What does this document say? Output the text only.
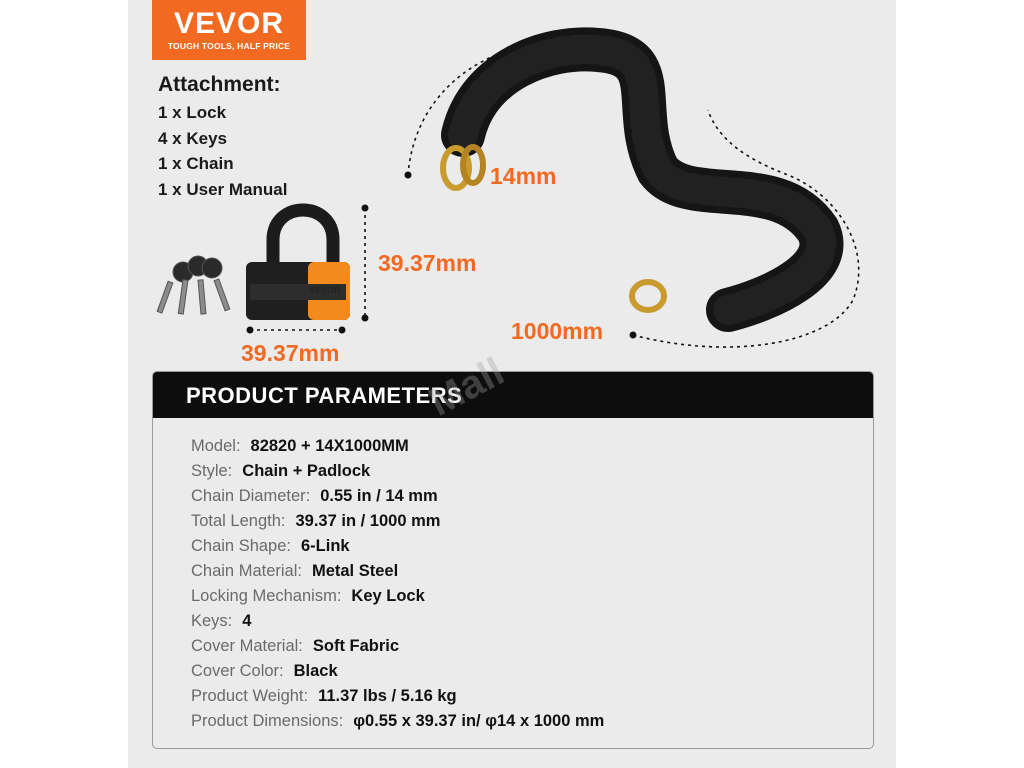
VEVOR
TOUGH TOOLS, HALF PRICE
Attachment:
1 x Lock
4 x Keys
1 x Chain
1 x User Manual
VEVOR
14mm
39.37mm
39.37mm
1000mm
PRODUCT PARAMETERS
Model: 82820 + 14X1000MM
Style: Chain + Padlock
Chain Diameter: 0.55 in / 14 mm
Total Length: 39.37 in / 1000 mm
Chain Shape: 6-Link
Chain Material: Metal Steel
Locking Mechanism: Key Lock
Keys: 4
Cover Material: Soft Fabric
Cover Color: Black
Product Weight: 11.37 lbs / 5.16 kg
Product Dimensions: φ0.55 x 39.37 in/ φ14 x 1000 mm
Mall
